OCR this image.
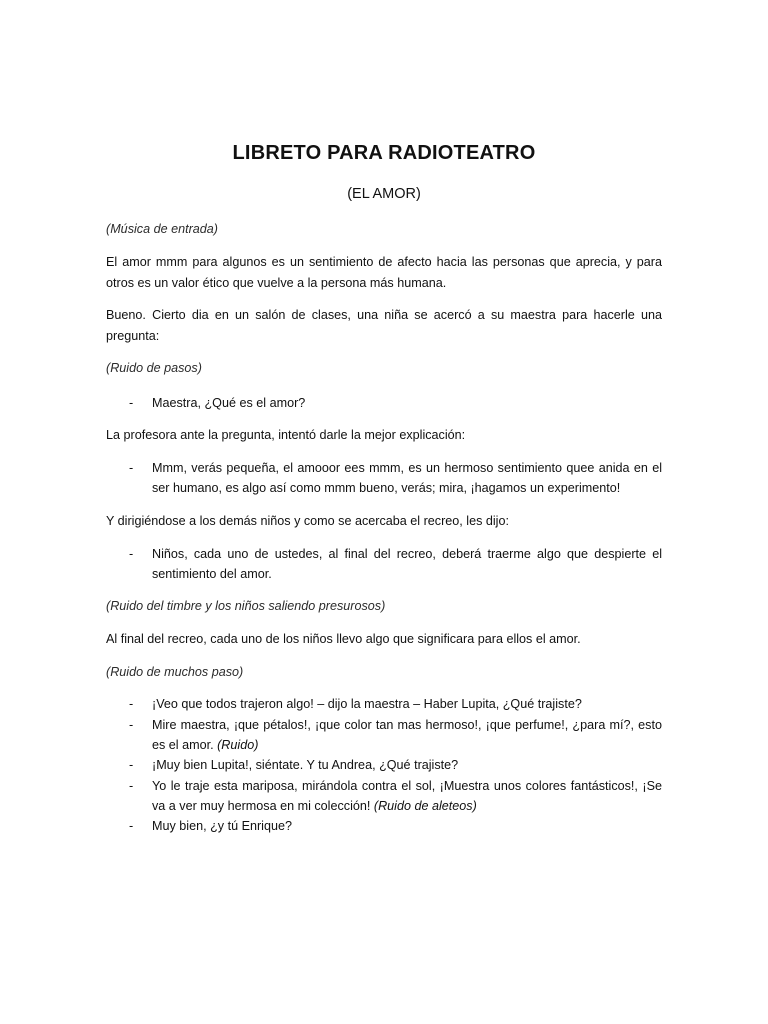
LIBRETO PARA RADIOTEATRO
(EL AMOR)
(Música de entrada)
El amor mmm para algunos es un sentimiento de afecto hacia las personas que aprecia, y para otros es un valor ético que vuelve a la persona más humana.
Bueno. Cierto dia en un salón de clases, una niña se acercó a su maestra para hacerle una pregunta:
(Ruido de pasos)
- Maestra, ¿Qué es el amor?
La profesora ante la pregunta, intentó darle la mejor explicación:
- Mmm, verás pequeña, el amooor ees mmm, es un hermoso sentimiento quee anida en el ser humano, es algo así como mmm bueno, verás; mira, ¡hagamos un experimento!
Y dirigiéndose a los demás niños y como se acercaba el recreo, les dijo:
- Niños, cada uno de ustedes, al final del recreo, deberá traerme algo que despierte el sentimiento del amor.
(Ruido del timbre y los niños saliendo presurosos)
Al final del recreo, cada uno de los niños llevo algo que significara para ellos el amor.
(Ruido de muchos paso)
- ¡Veo que todos trajeron algo! – dijo la maestra – Haber Lupita, ¿Qué trajiste?
- Mire maestra, ¡que pétalos!, ¡que color tan mas hermoso!, ¡que perfume!, ¿para mí?, esto es el amor. (Ruido)
- ¡Muy bien Lupita!, siéntate. Y tu Andrea, ¿Qué trajiste?
- Yo le traje esta mariposa, mirándola contra el sol, ¡Muestra unos colores fantásticos!, ¡Se va a ver muy hermosa en mi colección! (Ruido de aleteos)
- Muy bien, ¿y tú Enrique?
